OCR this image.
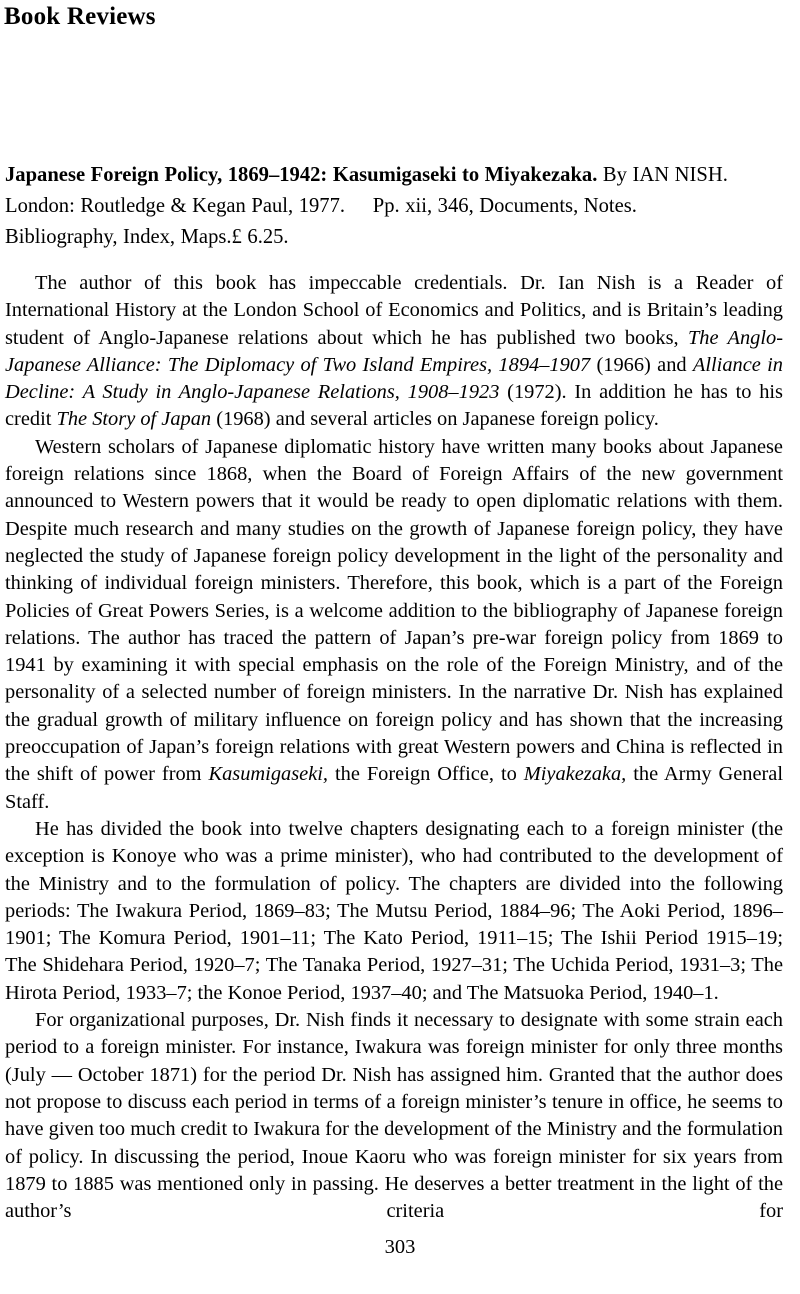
Book Reviews
Japanese Foreign Policy, 1869–1942: Kasumigaseki to Miyakezaka. By IAN NISH.
London: Routledge & Kegan Paul, 1977. Pp. xii, 346, Documents, Notes.
Bibliography, Index, Maps.£ 6.25.

The author of this book has impeccable credentials. Dr. Ian Nish is a Reader of International History at the London School of Economics and Politics, and is Britain’s leading student of Anglo-Japanese relations about which he has published two books, The Anglo-Japanese Alliance: The Diplomacy of Two Island Empires, 1894–1907 (1966) and Alliance in Decline: A Study in Anglo-Japanese Relations, 1908–1923 (1972). In addition he has to his credit The Story of Japan (1968) and several articles on Japanese foreign policy.

Western scholars of Japanese diplomatic history have written many books about Japanese foreign relations since 1868, when the Board of Foreign Affairs of the new government announced to Western powers that it would be ready to open diplomatic relations with them. Despite much research and many studies on the growth of Japanese foreign policy, they have neglected the study of Japanese foreign policy development in the light of the personality and thinking of individual foreign ministers. Therefore, this book, which is a part of the Foreign Policies of Great Powers Series, is a welcome addition to the bibliography of Japanese foreign relations. The author has traced the pattern of Japan’s pre-war foreign policy from 1869 to 1941 by examining it with special emphasis on the role of the Foreign Ministry, and of the personality of a selected number of foreign ministers. In the narrative Dr. Nish has explained the gradual growth of military influence on foreign policy and has shown that the increasing preoccupation of Japan’s foreign relations with great Western powers and China is reflected in the shift of power from Kasumigaseki, the Foreign Office, to Miyakezaka, the Army General Staff.

He has divided the book into twelve chapters designating each to a foreign minister (the exception is Konoye who was a prime minister), who had contributed to the development of the Ministry and to the formulation of policy. The chapters are divided into the following periods: The Iwakura Period, 1869–83; The Mutsu Period, 1884–96; The Aoki Period, 1896–1901; The Komura Period, 1901–11; The Kato Period, 1911–15; The Ishii Period 1915–19; The Shidehara Period, 1920–7; The Tanaka Period, 1927–31; The Uchida Period, 1931–3; The Hirota Period, 1933–7; the Konoe Period, 1937–40; and The Matsuoka Period, 1940–1.

For organizational purposes, Dr. Nish finds it necessary to designate with some strain each period to a foreign minister. For instance, Iwakura was foreign minister for only three months (July — October 1871) for the period Dr. Nish has assigned him. Granted that the author does not propose to discuss each period in terms of a foreign minister’s tenure in office, he seems to have given too much credit to Iwakura for the development of the Ministry and the formulation of policy. In discussing the period, Inoue Kaoru who was foreign minister for six years from 1879 to 1885 was mentioned only in passing. He deserves a better treatment in the light of the author’s criteria for

303
